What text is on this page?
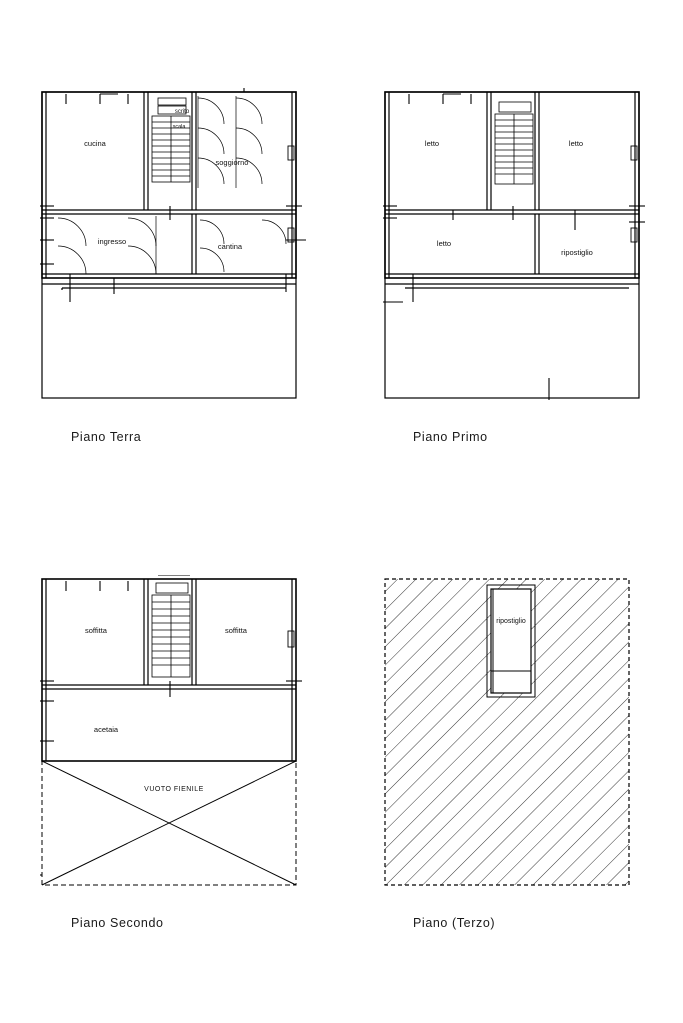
cucina
scrito
scala
soggiorno
ingresso
cantina
Piano Terra
letto	letto
letto
ripostiglio
Piano Primo
soffitta	soffitta
acetaia
VUOTO FIENILE
Piano Secondo
ripostiglio
Piano (Terzo)
